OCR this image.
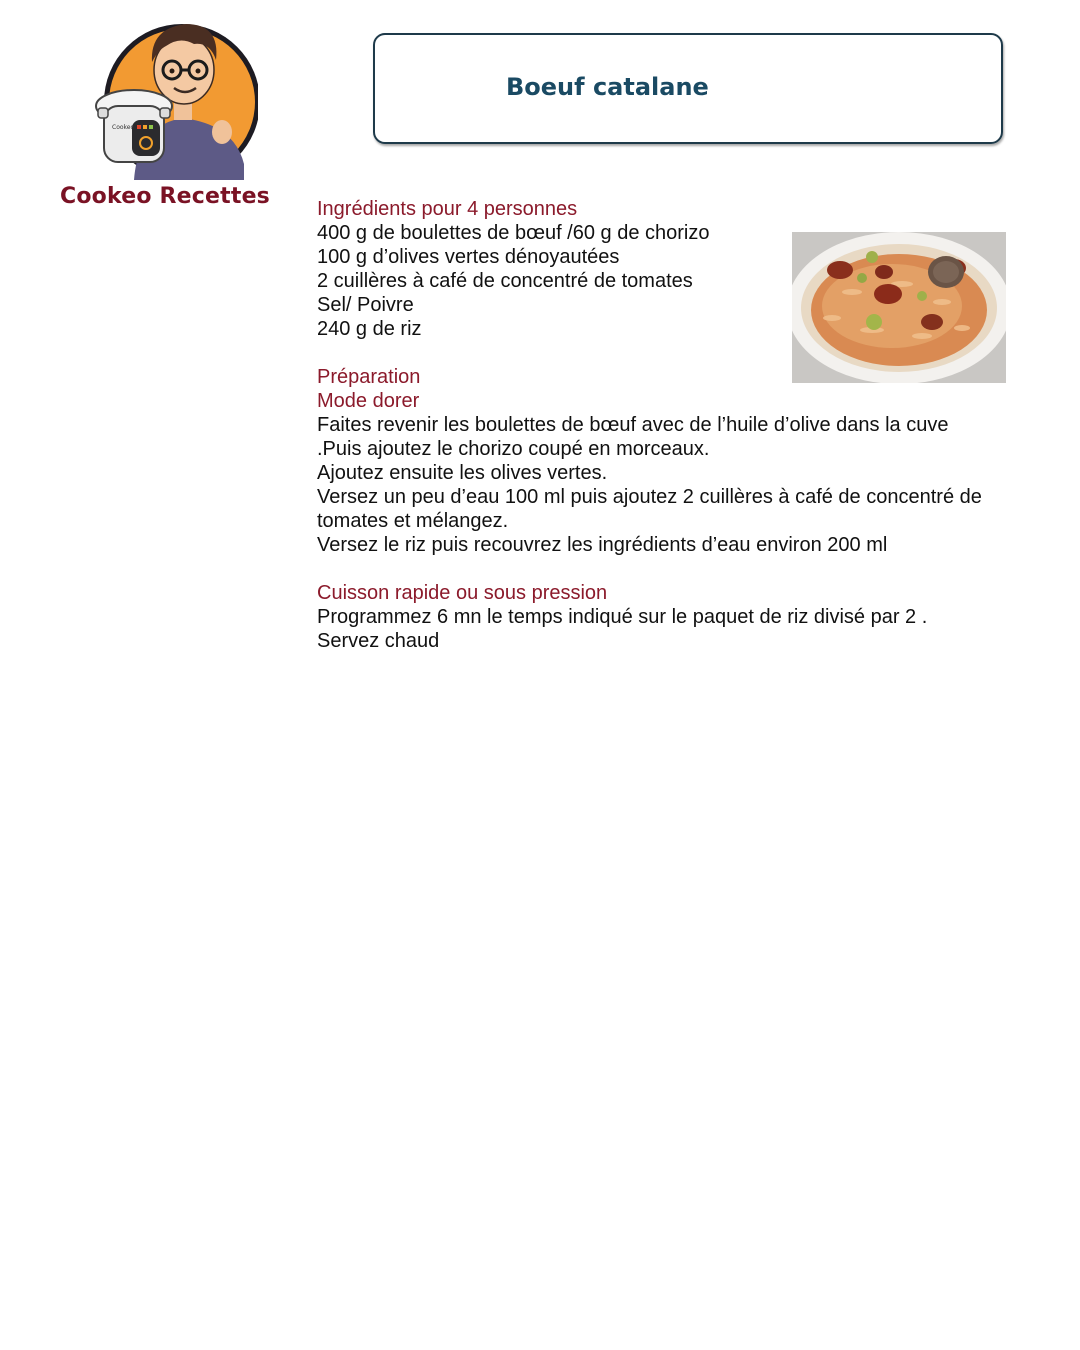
Cookeo
Cookeo Recettes
Boeuf catalane

Ingrédients pour 4 personnes

400 g de boulettes de bœuf /60 g de chorizo

100 g d’olives vertes dénoyautées

2 cuillères à café de concentré de tomates

Sel/ Poivre

240 g de riz

Préparation

Mode dorer

Faites revenir les boulettes de bœuf avec de l’huile d’olive dans la cuve .Puis ajoutez le chorizo coupé en morceaux.

Ajoutez ensuite les olives vertes.

Versez un peu d’eau 100 ml puis ajoutez 2 cuillères à café de concentré de tomates et mélangez.

Versez le riz puis recouvrez les ingrédients d’eau environ 200 ml

Cuisson rapide ou sous pression

Programmez 6 mn le temps indiqué sur le paquet de riz divisé par 2 .

Servez chaud
